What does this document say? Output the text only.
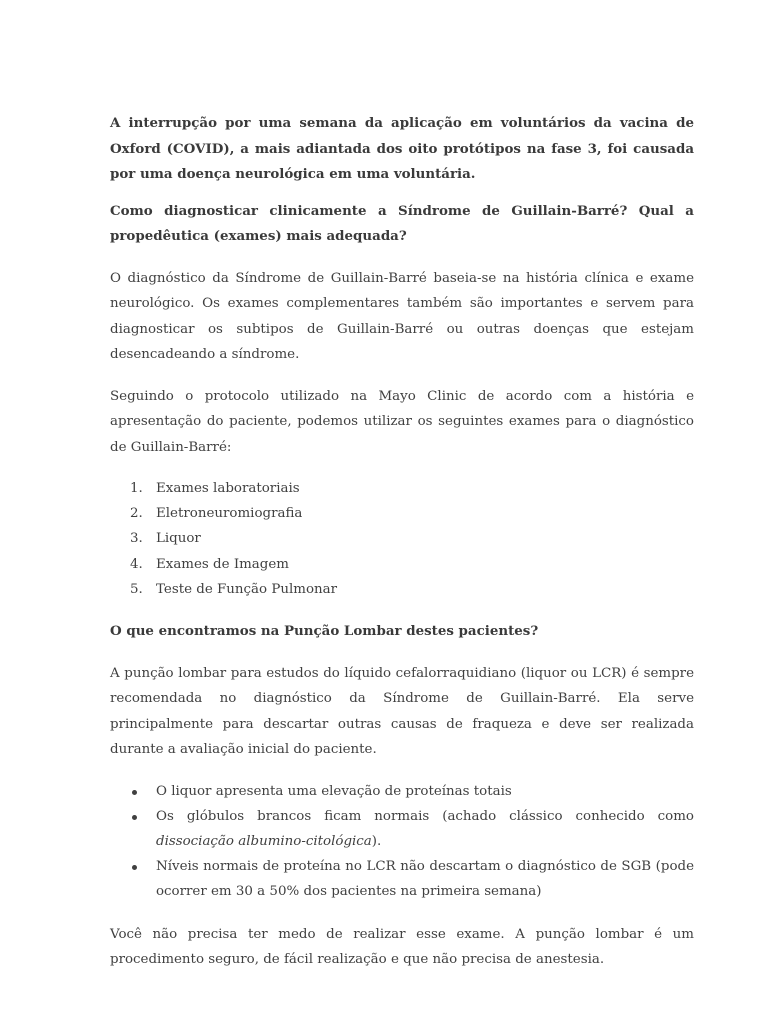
A interrupção por uma semana da aplicação em voluntários da vacina de Oxford (COVID), a mais adiantada dos oito protótipos na fase 3, foi causada por uma doença neurológica em uma voluntária.

Como diagnosticar clinicamente a Síndrome de Guillain-Barré? Qual a propedêutica (exames) mais adequada?

O diagnóstico da Síndrome de Guillain-Barré baseia-se na história clínica e exame neurológico. Os exames complementares também são importantes e servem para diagnosticar os subtipos de Guillain-Barré ou outras doenças que estejam desencadeando a síndrome.

Seguindo o protocolo utilizado na Mayo Clinic de acordo com a história e apresentação do paciente, podemos utilizar os seguintes exames para o diagnóstico de Guillain-Barré:

1. Exames laboratoriais
2. Eletroneuromiografia
3. Liquor
4. Exames de Imagem
5. Teste de Função Pulmonar

O que encontramos na Punção Lombar destes pacientes?

A punção lombar para estudos do líquido cefalorraquidiano (liquor ou LCR) é sempre recomendada no diagnóstico da Síndrome de Guillain-Barré. Ela serve principalmente para descartar outras causas de fraqueza e deve ser realizada durante a avaliação inicial do paciente.

O liquor apresenta uma elevação de proteínas totais
Os glóbulos brancos ficam normais (achado clássico conhecido como dissociação albumino-citológica).
Níveis normais de proteína no LCR não descartam o diagnóstico de SGB (pode ocorrer em 30 a 50% dos pacientes na primeira semana)

Você não precisa ter medo de realizar esse exame. A punção lombar é um procedimento seguro, de fácil realização e que não precisa de anestesia.
